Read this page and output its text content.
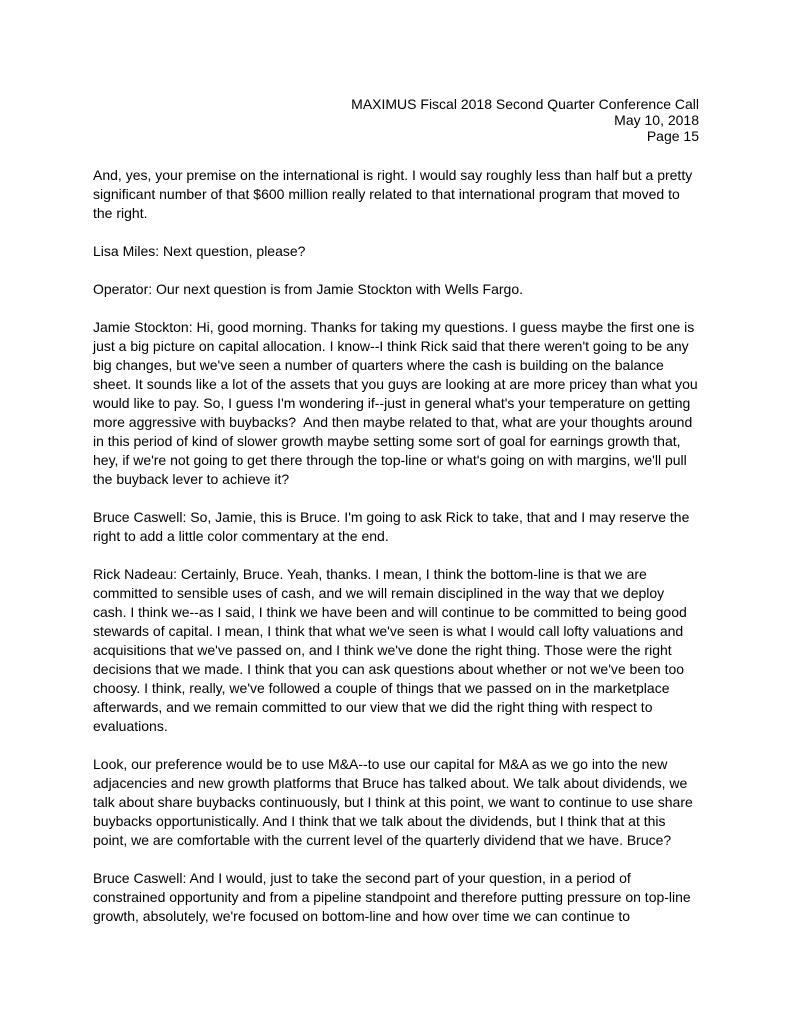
MAXIMUS Fiscal 2018 Second Quarter Conference Call
May 10, 2018
Page 15

And, yes, your premise on the international is right. I would say roughly less than half but a pretty significant number of that $600 million really related to that international program that moved to the right.

Lisa Miles: Next question, please?

Operator: Our next question is from Jamie Stockton with Wells Fargo.

Jamie Stockton: Hi, good morning. Thanks for taking my questions. I guess maybe the first one is just a big picture on capital allocation. I know--I think Rick said that there weren't going to be any big changes, but we've seen a number of quarters where the cash is building on the balance sheet. It sounds like a lot of the assets that you guys are looking at are more pricey than what you would like to pay. So, I guess I'm wondering if--just in general what's your temperature on getting more aggressive with buybacks?  And then maybe related to that, what are your thoughts around in this period of kind of slower growth maybe setting some sort of goal for earnings growth that, hey, if we're not going to get there through the top-line or what's going on with margins, we'll pull the buyback lever to achieve it?

Bruce Caswell: So, Jamie, this is Bruce. I'm going to ask Rick to take, that and I may reserve the right to add a little color commentary at the end.

Rick Nadeau: Certainly, Bruce. Yeah, thanks. I mean, I think the bottom-line is that we are committed to sensible uses of cash, and we will remain disciplined in the way that we deploy cash. I think we--as I said, I think we have been and will continue to be committed to being good stewards of capital. I mean, I think that what we've seen is what I would call lofty valuations and acquisitions that we've passed on, and I think we've done the right thing. Those were the right decisions that we made. I think that you can ask questions about whether or not we've been too choosy. I think, really, we've followed a couple of things that we passed on in the marketplace afterwards, and we remain committed to our view that we did the right thing with respect to evaluations.

Look, our preference would be to use M&A--to use our capital for M&A as we go into the new adjacencies and new growth platforms that Bruce has talked about. We talk about dividends, we talk about share buybacks continuously, but I think at this point, we want to continue to use share buybacks opportunistically. And I think that we talk about the dividends, but I think that at this point, we are comfortable with the current level of the quarterly dividend that we have. Bruce?

Bruce Caswell: And I would, just to take the second part of your question, in a period of constrained opportunity and from a pipeline standpoint and therefore putting pressure on top-line growth, absolutely, we're focused on bottom-line and how over time we can continue to
